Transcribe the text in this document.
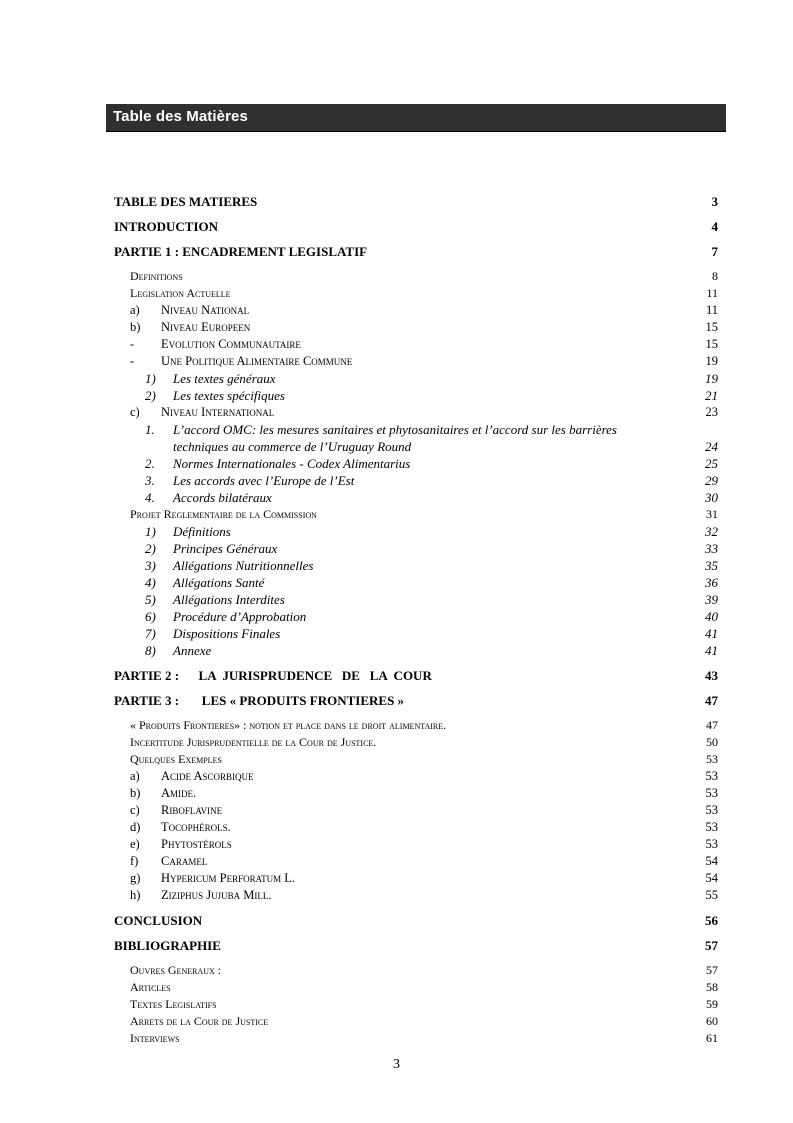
Table des Matières
TABLE DES MATIERES	3
INTRODUCTION	4
PARTIE 1 : ENCADREMENT LEGISLATIF	7
Definitions	8
Legislation Actuelle	11
a) Niveau National	11
b) Niveau Europeen	15
- Evolution Communautaire	15
- Une Politique Alimentaire Commune	19
1) Les textes généraux	19
2) Les textes spécifiques	21
c) Niveau International	23
1. L’accord OMC: les mesures sanitaires et phytosanitaires et l’accord sur les barrières
techniques au commerce de l’Uruguay Round	24
2. Normes Internationales - Codex Alimentarius	25
3. Les accords avec l’Europe de l’Est	29
4. Accords bilatéraux	30
Projet Reglementaire de la Commission	31
1) Définitions	32
2) Principes Généraux	33
3) Allégations Nutritionnelles	35
4) Allégations Santé	36
5) Allégations Interdites	39
6) Procédure d’Approbation	40
7) Dispositions Finales	41
8) Annexe	41
PARTIE 2 :      LA  JURISPRUDENCE   DE   LA  COUR	43
PARTIE 3 :       LES « PRODUITS FRONTIERES »	47
« Produits Frontieres» : notion et place dans le droit alimentaire.	47
Incertitude Jurisprudentielle de la Cour de Justice.	50
Quelques Exemples	53
a) Acide Ascorbique	53
b) Amide.	53
c) Riboflavine	53
d) Tocophérols.	53
e) Phytostérols	53
f) Caramel	54
g) Hypericum Perforatum L.	54
h) Ziziphus Jujuba Mill.	55
CONCLUSION	56
BIBLIOGRAPHIE	57
Ouvres Generaux :	57
Articles	58
Textes Legislatifs	59
Arrets de la Cour de Justice	60
Interviews	61
3
